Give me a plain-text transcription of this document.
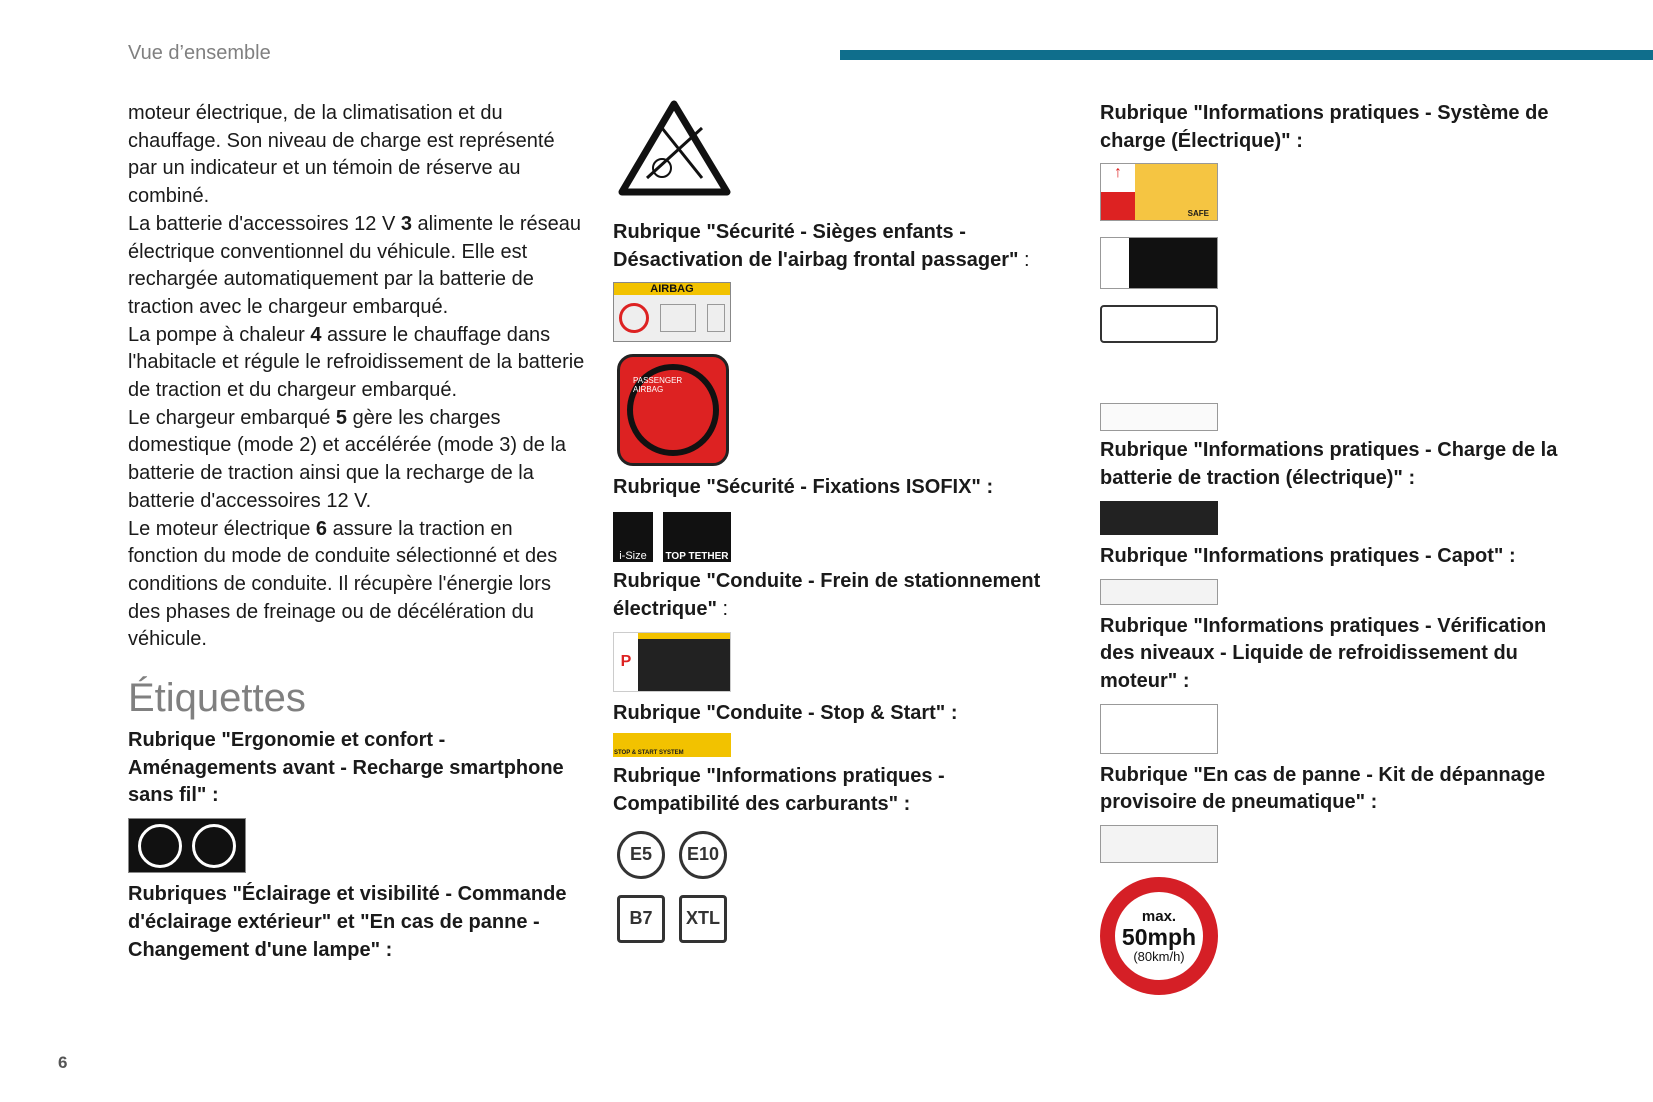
Vue d’ensemble

moteur électrique, de la climatisation et du chauffage. Son niveau de charge est représenté par un indicateur et un témoin de réserve au combiné.

La batterie d'accessoires 12 V 3 alimente le réseau électrique conventionnel du véhicule. Elle est rechargée automatiquement par la batterie de traction avec le chargeur embarqué.

La pompe à chaleur 4 assure le chauffage dans l'habitacle et régule le refroidissement de la batterie de traction et du chargeur embarqué.

Le chargeur embarqué 5 gère les charges domestique (mode 2) et accélérée (mode 3) de la batterie de traction ainsi que la recharge de la batterie d'accessoires 12 V.

Le moteur électrique 6 assure la traction en fonction du mode de conduite sélectionné et des conditions de conduite. Il récupère l'énergie lors des phases de freinage ou de décélération du véhicule.

Étiquettes

Rubrique "Ergonomie et confort - Aménagements avant - Recharge smartphone sans fil" :

Rubriques "Éclairage et visibilité - Commande d'éclairage extérieur" et "En cas de panne - Changement d'une lampe" :

Rubrique "Sécurité - Sièges enfants - Désactivation de l'airbag frontal passager" :

AIRBAG
PASSENGER AIRBAG

Rubrique "Sécurité - Fixations ISOFIX" :

i-Size	TOP TETHER

Rubrique "Conduite - Frein de stationnement électrique" :

P

Rubrique "Conduite - Stop & Start" :

STOP & START SYSTEM

Rubrique "Informations pratiques - Compatibilité des carburants" :

E5 E10
B7 XTL

Rubrique "Informations pratiques - Système de charge (Électrique)" :

↑
SAFE

Rubrique "Informations pratiques - Charge de la batterie de traction (électrique)" :

Rubrique "Informations pratiques - Capot" :

Rubrique "Informations pratiques - Vérification des niveaux - Liquide de refroidissement du moteur" :

Rubrique "En cas de panne - Kit de dépannage provisoire de pneumatique" :

max.
50mph
(80km/h)
6
